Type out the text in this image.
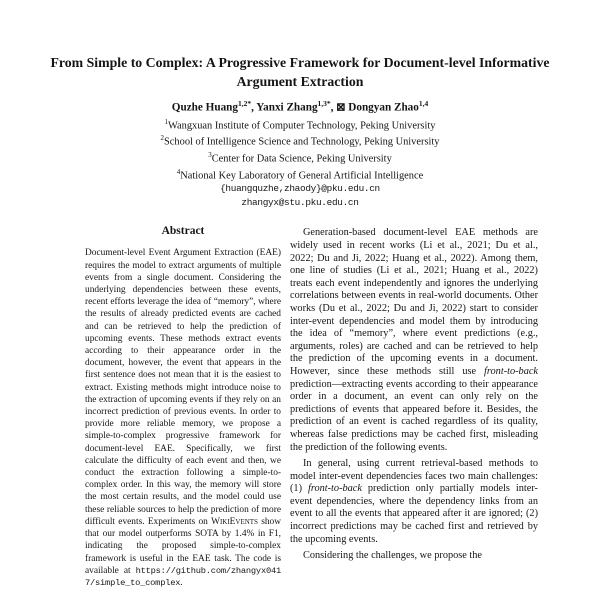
From Simple to Complex: A Progressive Framework for Document-level Informative Argument Extraction
Quzhe Huang$^{1,2*}$, Yanxi Zhang$^{1,3*}$, ⊠ Dongyan Zhao$^{1,4}$
$^1$Wangxuan Institute of Computer Technology, Peking University
$^2$School of Intelligence Science and Technology, Peking University
$^3$Center for Data Science, Peking University
$^4$National Key Laboratory of General Artificial Intelligence
{huangquzhe,zhaody}@pku.edu.cn
zhangyx@stu.pku.edu.cn
Abstract
Document-level Event Argument Extraction (EAE) requires the model to extract arguments of multiple events from a single document. Considering the underlying dependencies between these events, recent efforts leverage the idea of “memory”, where the results of already predicted events are cached and can be retrieved to help the prediction of upcoming events. These methods extract events according to their appearance order in the document, however, the event that appears in the first sentence does not mean that it is the easiest to extract. Existing methods might introduce noise to the extraction of upcoming events if they rely on an incorrect prediction of previous events. In order to provide more reliable memory, we propose a simple-to-complex progressive framework for document-level EAE. Specifically, we first calculate the difficulty of each event and then, we conduct the extraction following a simple-to-complex order. In this way, the memory will store the most certain results, and the model could use these reliable sources to help the prediction of more difficult events. Experiments on WikiEvents show that our model outperforms SOTA by 1.4% in F1, indicating the proposed simple-to-complex framework is useful in the EAE task. The code is available at https://github.com/zhangyx0417/simple_to_complex.

Generation-based document-level EAE methods are widely used in recent works (Li et al., 2021; Du et al., 2022; Du and Ji, 2022; Huang et al., 2022). Among them, one line of studies (Li et al., 2021; Huang et al., 2022) treats each event independently and ignores the underlying correlations between events in real-world documents. Other works (Du et al., 2022; Du and Ji, 2022) start to consider inter-event dependencies and model them by introducing the idea of “memory”, where event predictions (e.g., arguments, roles) are cached and can be retrieved to help the prediction of the upcoming events in a document. However, since these methods still use front-to-back prediction—extracting events according to their appearance order in a document, an event can only rely on the predictions of events that appeared before it. Besides, the prediction of an event is cached regardless of its quality, whereas false predictions may be cached first, misleading the prediction of the following events.

In general, using current retrieval-based methods to model inter-event dependencies faces two main challenges: (1) front-to-back prediction only partially models inter-event dependencies, where the dependency links from an event to all the events that appeared after it are ignored; (2) incorrect predictions may be cached first and retrieved by the upcoming events.

Considering the challenges, we propose the
